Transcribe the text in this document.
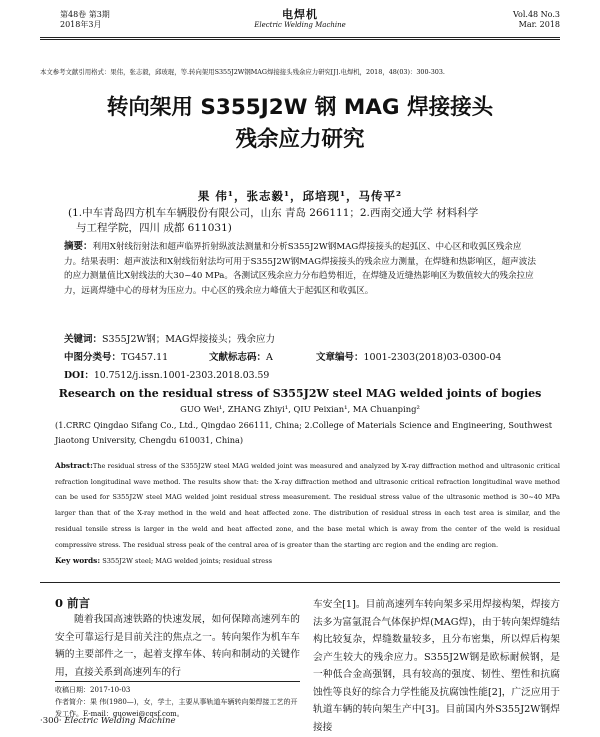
第48卷 第3期
2018年3月
电焊机
Electric Welding Machine
Vol.48 No.3
Mar. 2018
本文参考文献引用格式：果伟，张志毅，邱玻琨，等.转向架用S355J2W钢MAG焊接接头残余应力研究[J].电焊机，2018，48(03)：300-303.
转向架用 S355J2W 钢 MAG 焊接接头
残余应力研究
果 伟¹，张志毅¹，邱培现¹，马传平²
(1.中车青岛四方机车车辆股份有限公司，山东 青岛 266111；2.西南交通大学 材料科学
与工程学院，四川 成都 611031)
摘要：利用X射线衍射法和超声临界折射纵波法测量和分析S355J2W钢MAG焊接接头的起弧区、中心区和收弧区残余应力。结果表明：超声波法和X射线衍射法均可用于S355J2W钢MAG焊接接头的残余应力测量，在焊缝和热影响区，超声波法的应力测量值比X射线法的大30~40 MPa。各测试区残余应力分布趋势相近，在焊缝及近缝热影响区为数值较大的残余拉应力，远离焊缝中心的母材为压应力。中心区的残余应力峰值大于起弧区和收弧区。
关键词：S355J2W钢；MAG焊接接头；残余应力
中图分类号：TG457.11	文献标志码：A	文章编号：1001-2303(2018)03-0300-04
DOI：10.7512/j.issn.1001-2303.2018.03.59
Research on the residual stress of S355J2W steel MAG welded joints of bogies
GUO Wei¹, ZHANG Zhiyi¹, QIU Peixian¹, MA Chuanping²
(1.CRRC Qingdao Sifang Co., Ltd., Qingdao 266111, China; 2.College of Materials Science and Engineering, Southwest Jiaotong University, Chengdu 610031, China)
Abstract:The residual stress of the S355J2W steel MAG welded joint was measured and analyzed by X-ray diffraction method and ultrasonic critical refraction longitudinal wave method. The results show that: the X-ray diffraction method and ultrasonic critical refraction longitudinal wave method can be used for S355J2W steel MAG welded joint residual stress measurement. The residual stress value of the ultrasonic method is 30~40 MPa larger than that of the X-ray method in the weld and heat affected zone. The distribution of residual stress in each test area is similar, and the residual tensile stress is larger in the weld and heat affected zone, and the base metal which is away from the center of the weld is residual compressive stress. The residual stress peak of the central area of is greater than the starting arc region and the ending arc region.
Key words: S355J2W steel; MAG welded joints; residual stress
0 前言
随着我国高速铁路的快速发展，如何保障高速列车的安全可靠运行是目前关注的焦点之一。转向架作为机车车辆的主要部件之一，起着支撑车体、转向和制动的关键作用，直接关系到高速列车的行
车安全[1]。目前高速列车转向架多采用焊接构架，焊接方法多为富氩混合气体保护焊(MAG焊)，由于转向架焊缝结构比较复杂，焊缝数量较多，且分布密集，所以焊后构架会产生较大的残余应力。S355J2W钢是欧标耐候钢，是一种低合金高强钢，具有较高的强度、韧性、塑性和抗腐蚀性等良好的综合力学性能及抗腐蚀性能[2]，广泛应用于轨道车辆的转向架生产中[3]。目前国内外S355J2W钢焊接接
收稿日期：2017-10-03
作者简介：果 伟(1980—)，女，学士，主要从事轨道车辆转向架焊接工艺的开发工作。E-mail：guowei@cqsf.com。
·300· Electric Welding Machine
